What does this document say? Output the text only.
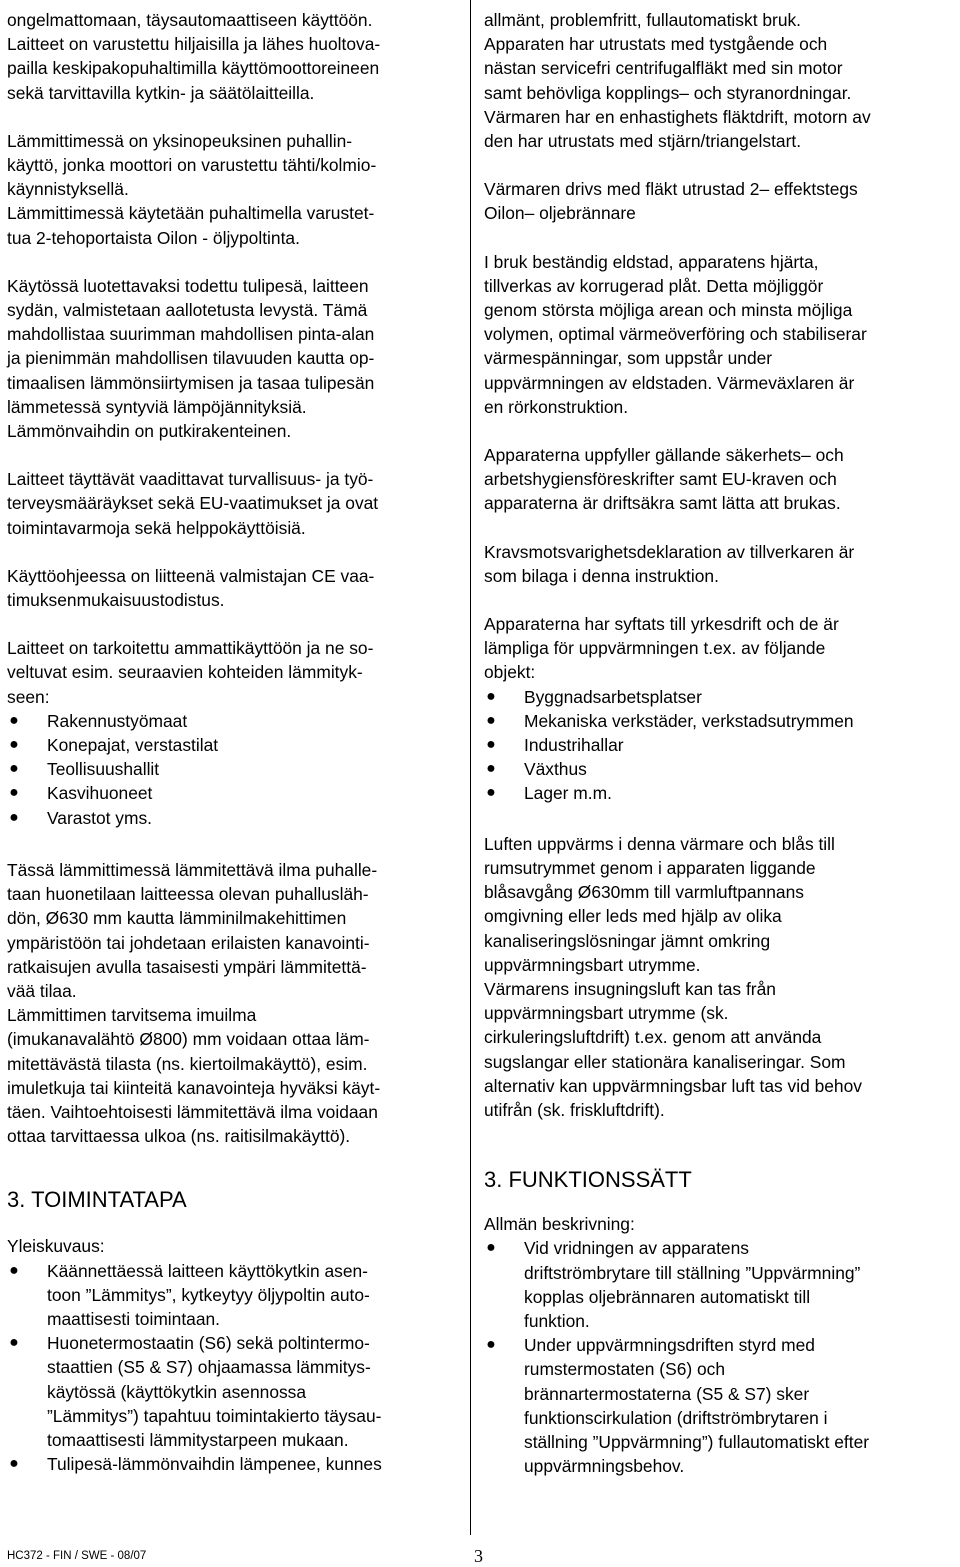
ongelmattomaan, täysautomaattiseen käyttöön.
Laitteet on varustettu hiljaisilla ja lähes huoltova-
pailla keskipakopuhaltimilla käyttömoottoreineen
sekä tarvittavilla kytkin- ja säätölaitteilla.

Lämmittimessä on yksinopeuksinen puhallin-
käyttö, jonka moottori on varustettu tähti/kolmio-
käynnistyksellä.
Lämmittimessä käytetään puhaltimella varustet-
tua 2-tehoportaista Oilon - öljypoltinta.

Käytössä luotettavaksi todettu tulipesä, laitteen
sydän, valmistetaan aallotetusta levystä. Tämä
mahdollistaa suurimman mahdollisen pinta-alan
ja pienimmän mahdollisen tilavuuden kautta op-
timaalisen lämmönsiirtymisen ja tasaa tulipesän
lämmetessä syntyviä lämpöjännityksiä.
Lämmönvaihdin on putkirakenteinen.

Laitteet täyttävät vaadittavat turvallisuus- ja työ-
terveysmääräykset sekä EU-vaatimukset ja ovat
toimintavarmoja sekä helppokäyttöisiä.

Käyttöohjeessa on liitteenä valmistajan CE vaa-
timuksenmukaisuustodistus.

Laitteet on tarkoitettu ammattikäyttöön ja ne so-
veltuvat esim. seuraavien kohteiden lämmityk-
seen:

● Rakennustyömaat
● Konepajat, verstastilat
● Teollisuushallit
● Kasvihuoneet
● Varastot yms.

Tässä lämmittimessä lämmitettävä ilma puhalle-
taan huonetilaan laitteessa olevan puhallusläh-
dön, Ø630 mm kautta lämminilmakehittimen
ympäristöön tai johdetaan erilaisten kanavointi-
ratkaisujen avulla tasaisesti ympäri lämmitettä-
vää tilaa.
Lämmittimen tarvitsema imuilma
(imukanavalähtö Ø800) mm voidaan ottaa läm-
mitettävästä tilasta (ns. kiertoilmakäyttö), esim.
imuletkuja tai kiinteitä kanavointeja hyväksi käyt-
täen. Vaihtoehtoisesti lämmitettävä ilma voidaan
ottaa tarvittaessa ulkoa (ns. raitisilmakäyttö).

3. TOIMINTATAPA

Yleiskuvaus:

● Käännettäessä laitteen käyttökytkin asen-
toon ”Lämmitys”, kytkeytyy öljypoltin auto-
maattisesti toimintaan.
● Huonetermostaatin (S6) sekä poltintermo-
staattien (S5 & S7) ohjaamassa lämmitys-
käytössä (käyttökytkin asennossa
”Lämmitys”) tapahtuu toimintakierto täysau-
tomaattisesti lämmitystarpeen mukaan.
● Tulipesä-lämmönvaihdin lämpenee, kunnes

allmänt, problemfritt, fullautomatiskt bruk.
Apparaten har utrustats med tystgående och
nästan servicefri centrifugalfläkt med sin motor
samt behövliga kopplings– och styranordningar.
Värmaren har en enhastighets fläktdrift, motorn av
den har utrustats med stjärn/triangelstart.

Värmaren drivs med fläkt utrustad 2– effektstegs
Oilon– oljebrännare

I bruk beständig eldstad, apparatens hjärta,
tillverkas av korrugerad plåt. Detta möjliggör
genom största möjliga arean och minsta möjliga
volymen, optimal värmeöverföring och stabiliserar
värmespänningar, som uppstår under
uppvärmningen av eldstaden. Värmeväxlaren är
en rörkonstruktion.

Apparaterna uppfyller gällande säkerhets– och
arbetshygiensföreskrifter samt EU-kraven och
apparaterna är driftsäkra samt lätta att brukas.

Kravsmotsvarighetsdeklaration av tillverkaren är
som bilaga i denna instruktion.

Apparaterna har syftats till yrkesdrift och de är
lämpliga för uppvärmningen t.ex. av följande
objekt:

● Byggnadsarbetsplatser
● Mekaniska verkstäder, verkstadsutrymmen
● Industrihallar
● Växthus
● Lager m.m.

Luften uppvärms i denna värmare och blås till
rumsutrymmet genom i apparaten liggande
blåsavgång Ø630mm till varmluftpannans
omgivning eller leds med hjälp av olika
kanaliseringslösningar jämnt omkring
uppvärmningsbart utrymme.
Värmarens insugningsluft kan tas från
uppvärmningsbart utrymme (sk.
cirkuleringsluftdrift) t.ex. genom att använda
sugslangar eller stationära kanaliseringar. Som
alternativ kan uppvärmningsbar luft tas vid behov
utifrån (sk. friskluftdrift).

3. FUNKTIONSSÄTT

Allmän beskrivning:

● Vid vridningen av apparatens
driftströmbrytare till ställning ”Uppvärmning”
kopplas oljebrännaren automatiskt till
funktion.
● Under uppvärmningsdriften styrd med
rumstermostaten (S6) och
brännartermostaterna (S5 & S7) sker
funktionscirkulation (driftströmbrytaren i
ställning ”Uppvärmning”) fullautomatiskt efter
uppvärmningsbehov.
HC372 - FIN / SWE - 08/07	3
